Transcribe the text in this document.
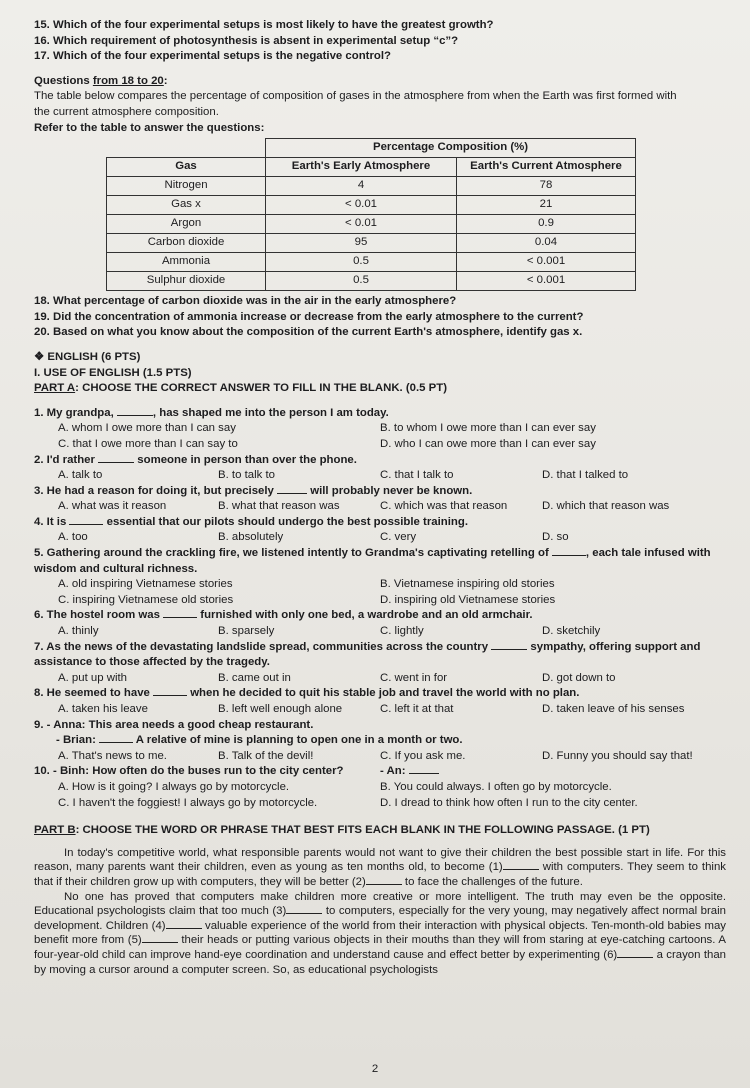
15. Which of the four experimental setups is most likely to have the greatest growth?
16. Which requirement of photosynthesis is absent in experimental setup “c”?
17. Which of the four experimental setups is the negative control?
Questions from 18 to 20:
The table below compares the percentage of composition of gases in the atmosphere from when the Earth was first formed with
the current atmosphere composition.
Refer to the table to answer the questions:
	Percentage Composition (%)	
Gas	Earth's Early Atmosphere	Earth's Current Atmosphere
Nitrogen	4	78
Gas x	< 0.01	21
Argon	< 0.01	0.9
Carbon dioxide	95	0.04
Ammonia	0.5	< 0.001
Sulphur dioxide	0.5	< 0.001
18. What percentage of carbon dioxide was in the air in the early atmosphere?
19. Did the concentration of ammonia increase or decrease from the early atmosphere to the current?
20. Based on what you know about the composition of the current Earth's atmosphere, identify gas x.
❖ ENGLISH (6 PTS)
I. USE OF ENGLISH (1.5 PTS)
PART A: CHOOSE THE CORRECT ANSWER TO FILL IN THE BLANK. (0.5 PT)
1. My grandpa,	, has shaped me into the person I am today.
A. whom I owe more than I can say	B. to whom I owe more than I can ever say
C. that I owe more than I can say to	D. who I can owe more than I can ever say
2. I'd rather	someone in person than over the phone.
A. talk to	B. to talk to	C. that I talk to	D. that I talked to
3. He had a reason for doing it, but precisely	will probably never be known.
A. what was it reason	B. what that reason was	C. which was that reason	D. which that reason was
4. It is	essential that our pilots should undergo the best possible training.
A. too	B. absolutely	C. very	D. so
5. Gathering around the crackling fire, we listened intently to Grandma's captivating retelling of	, each tale infused with
wisdom and cultural richness.
A. old inspiring Vietnamese stories	B. Vietnamese inspiring old stories
C. inspiring Vietnamese old stories	D. inspiring old Vietnamese stories
6. The hostel room was	furnished with only one bed, a wardrobe and an old armchair.
A. thinly	B. sparsely	C. lightly	D. sketchily
7. As the news of the devastating landslide spread, communities across the country	sympathy, offering support and
assistance to those affected by the tragedy.
A. put up with	B. came out in	C. went in for	D. got down to
8. He seemed to have	when he decided to quit his stable job and travel the world with no plan.
A. taken his leave	B. left well enough alone	C. left it at that	D. taken leave of his senses
9. - Anna: This area needs a good cheap restaurant.
- Brian:	A relative of mine is planning to open one in a month or two.
A. That's news to me.	B. Talk of the devil!	C. If you ask me.	D. Funny you should say that!
10. - Binh: How often do the buses run to the city center?	- An:
A. How is it going? I always go by motorcycle.	B. You could always. I often go by motorcycle.
C. I haven't the foggiest! I always go by motorcycle.	D. I dread to think how often I run to the city center.
PART B: CHOOSE THE WORD OR PHRASE THAT BEST FITS EACH BLANK IN THE FOLLOWING PASSAGE. (1 PT)

In today's competitive world, what responsible parents would not want to give their children the best possible start in life. For this reason, many parents want their children, even as young as ten months old, to become (1)	with computers. They seem to think that if their children grow up with computers, they will be better (2)	to face the challenges of the future.

No one has proved that computers make children more creative or more intelligent. The truth may even be the opposite. Educational psychologists claim that too much (3)	to computers, especially for the very young, may negatively affect normal brain development. Children (4)	valuable experience of the world from their interaction with physical objects. Ten-month-old babies may benefit more from (5)	their heads or putting various objects in their mouths than they will from staring at eye-catching cartoons. A four-year-old child can improve hand-eye coordination and understand cause and effect better by experimenting (6)	a crayon than by moving a cursor around a computer screen. So, as educational psychologists

2
